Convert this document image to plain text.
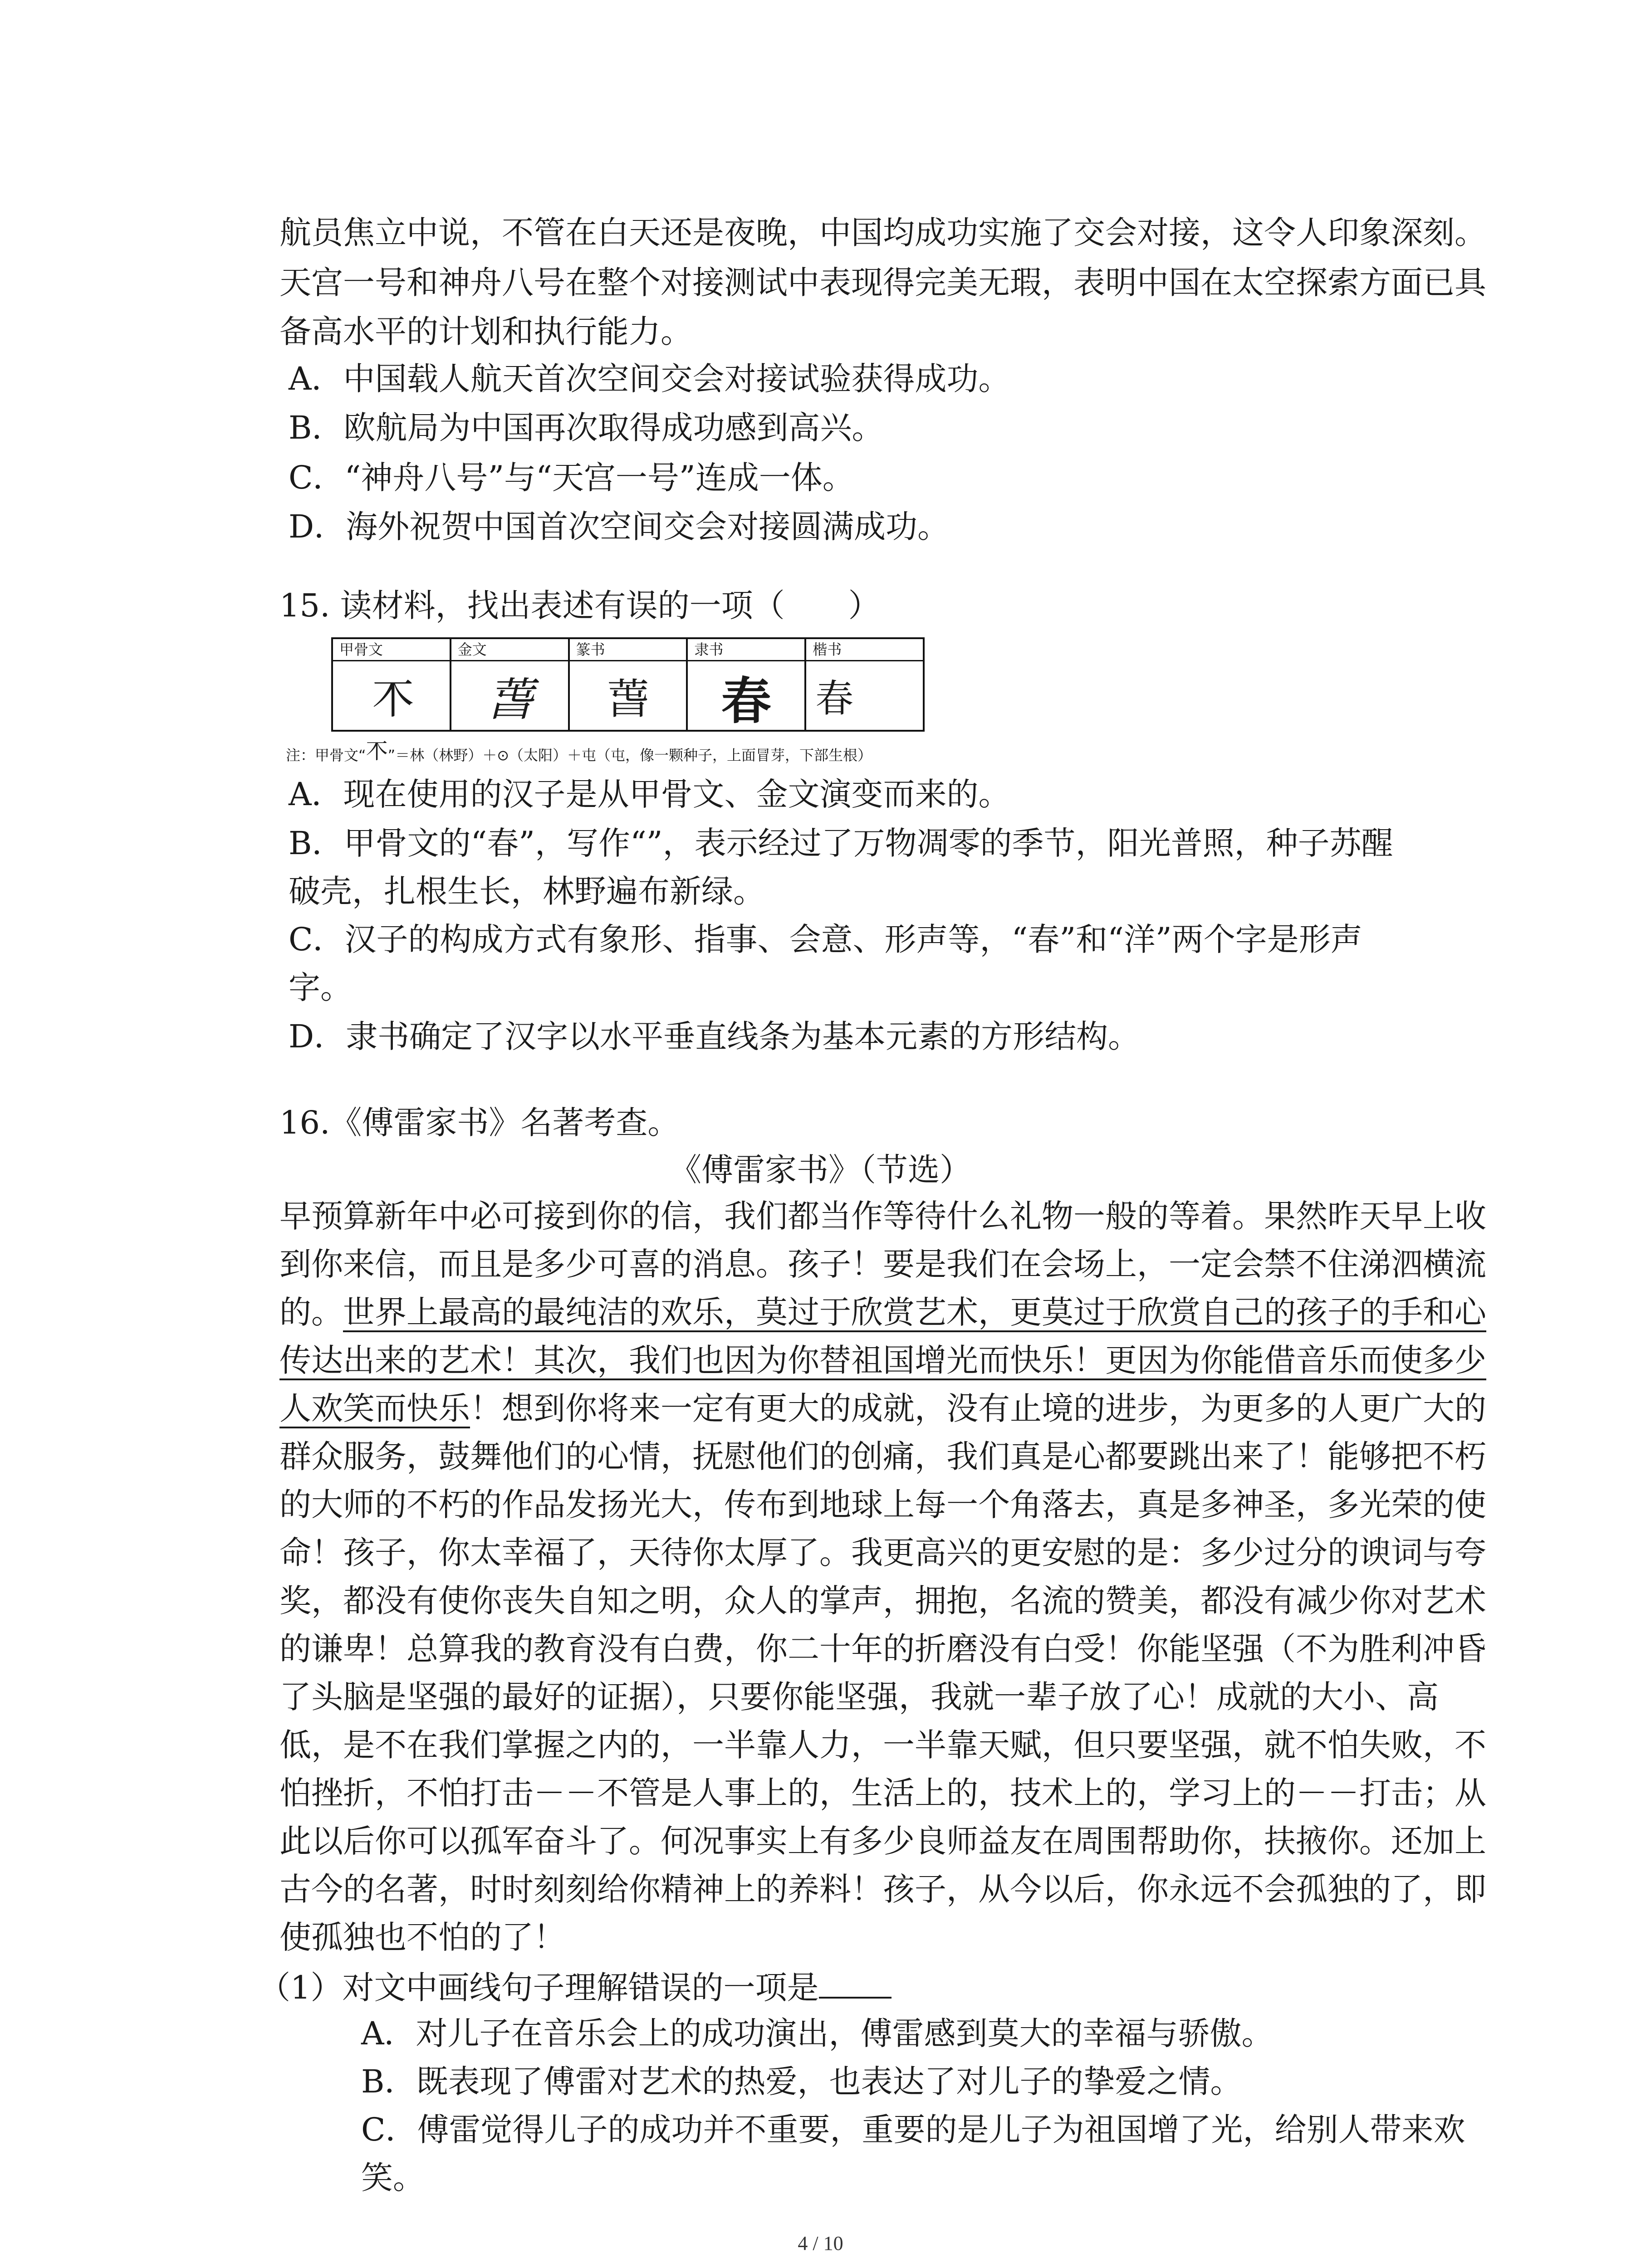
航员焦立中说，不管在白天还是夜晚，中国均成功实施了交会对接，这令人印象深刻。
天宫一号和神舟八号在整个对接测试中表现得完美无瑕，表明中国在太空探索方面已具
备高水平的计划和执行能力。
A．中国载人航天首次空间交会对接试验获得成功。
B．欧航局为中国再次取得成功感到高兴。
C．“神舟八号”与“天宫一号”连成一体。
D．海外祝贺中国首次空间交会对接圆满成功。
15. 读材料，找出表述有误的一项（　　）
甲骨文
𣎴
金文
萅
篆书
萅
隶书
春
楷书
春
注：甲骨文“𣎴”＝林（林野）＋⊙（太阳）＋屯（屯，像一颗种子，上面冒芽，下部生根）
A．现在使用的汉子是从甲骨文、金文演变而来的。
B．甲骨文的“春”，写作“”，表示经过了万物凋零的季节，阳光普照，种子苏醒
破壳，扎根生长，林野遍布新绿。
C．汉子的构成方式有象形、指事、会意、形声等，“春”和“洋”两个字是形声
字。
D．隶书确定了汉字以水平垂直线条为基本元素的方形结构。
16.《傅雷家书》名著考查。
《傅雷家书》（节选）
早预算新年中必可接到你的信，我们都当作等待什么礼物一般的等着。果然昨天早上收
到你来信，而且是多少可喜的消息。孩子！要是我们在会场上，一定会禁不住涕泗横流
的。世界上最高的最纯洁的欢乐，莫过于欣赏艺术，更莫过于欣赏自己的孩子的手和心
传达出来的艺术！其次，我们也因为你替祖国增光而快乐！更因为你能借音乐而使多少
人欢笑而快乐！想到你将来一定有更大的成就，没有止境的进步，为更多的人更广大的
群众服务，鼓舞他们的心情，抚慰他们的创痛，我们真是心都要跳出来了！能够把不朽
的大师的不朽的作品发扬光大，传布到地球上每一个角落去，真是多神圣，多光荣的使
命！孩子，你太幸福了，天待你太厚了。我更高兴的更安慰的是：多少过分的谀词与夸
奖，都没有使你丧失自知之明，众人的掌声，拥抱，名流的赞美，都没有减少你对艺术
的谦卑！总算我的教育没有白费，你二十年的折磨没有白受！你能坚强（不为胜利冲昏
了头脑是坚强的最好的证据），只要你能坚强，我就一辈子放了心！成就的大小、高
低，是不在我们掌握之内的，一半靠人力，一半靠天赋，但只要坚强，就不怕失败，不
怕挫折，不怕打击－－不管是人事上的，生活上的，技术上的，学习上的－－打击；从
此以后你可以孤军奋斗了。何况事实上有多少良师益友在周围帮助你，扶掖你。还加上
古今的名著，时时刻刻给你精神上的养料！孩子，从今以后，你永远不会孤独的了，即
使孤独也不怕的了！
（1）对文中画线句子理解错误的一项是
A．对儿子在音乐会上的成功演出，傅雷感到莫大的幸福与骄傲。
B．既表现了傅雷对艺术的热爱，也表达了对儿子的挚爱之情。
C．傅雷觉得儿子的成功并不重要，重要的是儿子为祖国增了光，给别人带来欢
笑。
4 / 10
